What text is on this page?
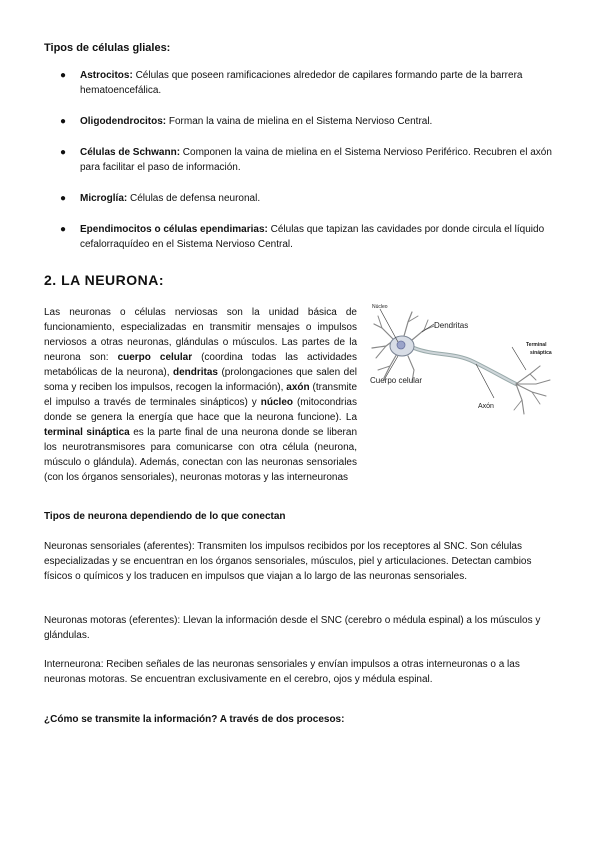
Tipos de células gliales:
● Astrocitos: Células que poseen ramificaciones alrededor de capilares formando parte de la barrera hematoencefálica.
● Oligodendrocitos: Forman la vaina de mielina en el Sistema Nervioso Central.
● Células de Schwann: Componen la vaina de mielina en el Sistema Nervioso Periférico. Recubren el axón para facilitar el paso de información.
● Microglía: Células de defensa neuronal.
● Ependimocitos o células ependimarias: Células que tapizan las cavidades por donde circula el líquido cefalorraquídeo en el Sistema Nervioso Central.
2. LA NEURONA:
Las neuronas o células nerviosas son la unidad básica de funcionamiento, especializadas en transmitir mensajes o impulsos nerviosos a otras neuronas, glándulas o músculos. Las partes de la neurona son: cuerpo celular (coordina todas las actividades metabólicas de la neurona), dendritas (prolongaciones que salen del soma y reciben los impulsos, recogen la información), axón (transmite el impulso a través de terminales sinápticos) y núcleo (mitocondrias donde se genera la energía que hace que la neurona funcione). La terminal sináptica es la parte final de una neurona donde se liberan los neurotransmisores para comunicarse con otra célula (neurona, músculo o glándula). Además, conectan con las neuronas sensoriales (con los órganos sensoriales), neuronas motoras y las interneuronas
Núcleo
Dendritas
Terminal
sináptica
Cuerpo celular
Axón
Tipos de neurona dependiendo de lo que conectan
Neuronas sensoriales (aferentes): Transmiten los impulsos recibidos por los receptores al SNC. Son células especializadas y se encuentran en los órganos sensoriales, músculos, piel y articulaciones. Detectan cambios físicos o químicos y los traducen en impulsos que viajan a lo largo de las neuronas sensoriales.
Neuronas motoras (eferentes): Llevan la información desde el SNC (cerebro o médula espinal) a los músculos y glándulas.
Interneurona: Reciben señales de las neuronas sensoriales y envían impulsos a otras interneuronas o a las neuronas motoras. Se encuentran exclusivamente en el cerebro, ojos y médula espinal.
¿Cómo se transmite la información? A través de dos procesos:
